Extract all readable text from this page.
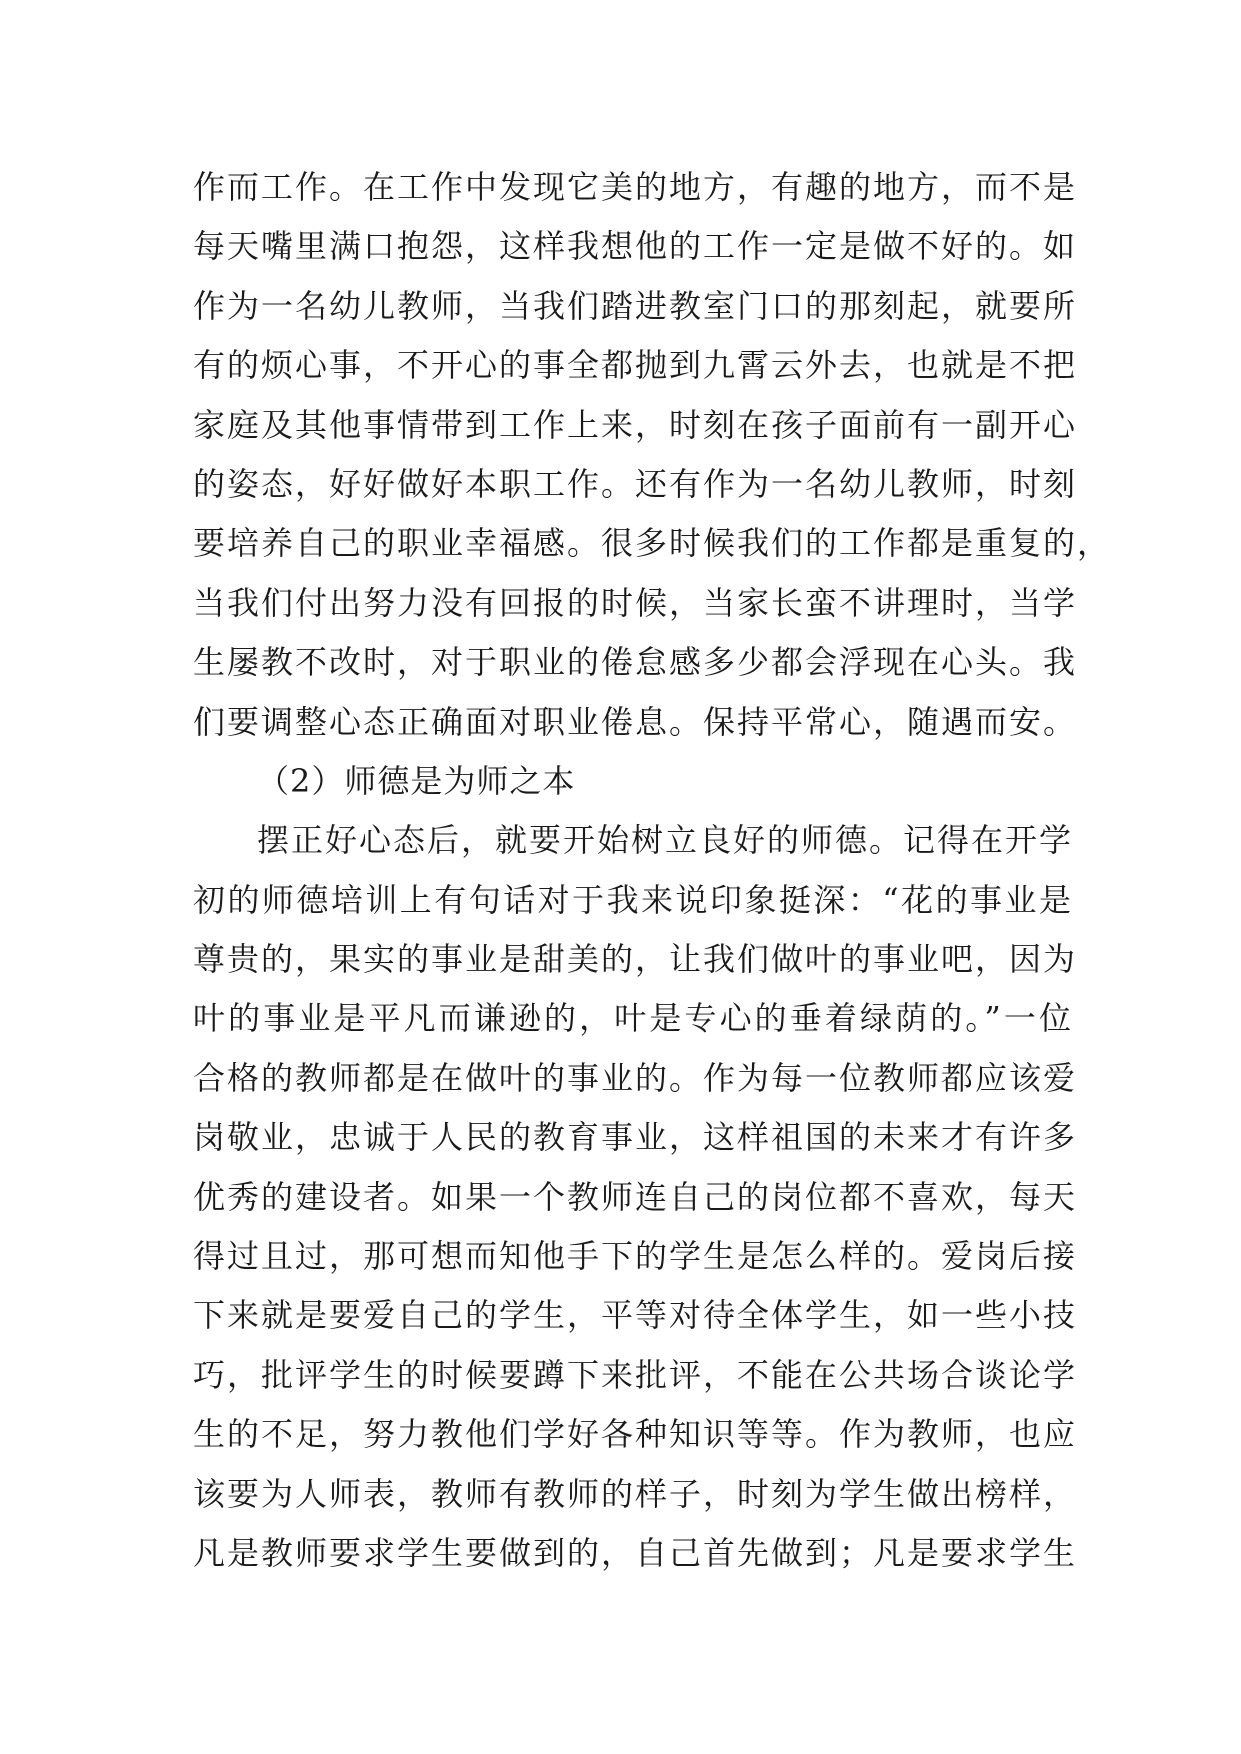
作而工作。在工作中发现它美的地方，有趣的地方，而不是
每天嘴里满口抱怨，这样我想他的工作一定是做不好的。如
作为一名幼儿教师，当我们踏进教室门口的那刻起，就要所
有的烦心事，不开心的事全都抛到九霄云外去，也就是不把
家庭及其他事情带到工作上来，时刻在孩子面前有一副开心
的姿态，好好做好本职工作。还有作为一名幼儿教师，时刻
要培养自己的职业幸福感。很多时候我们的工作都是重复的，
当我们付出努力没有回报的时候，当家长蛮不讲理时，当学
生屡教不改时，对于职业的倦怠感多少都会浮现在心头。我
们要调整心态正确面对职业倦息。保持平常心，随遇而安。
（2）师德是为师之本
摆正好心态后，就要开始树立良好的师德。记得在开学
初的师德培训上有句话对于我来说印象挺深：“花的事业是
尊贵的，果实的事业是甜美的，让我们做叶的事业吧，因为
叶的事业是平凡而谦逊的，叶是专心的垂着绿荫的。”一位
合格的教师都是在做叶的事业的。作为每一位教师都应该爱
岗敬业，忠诚于人民的教育事业，这样祖国的未来才有许多
优秀的建设者。如果一个教师连自己的岗位都不喜欢，每天
得过且过，那可想而知他手下的学生是怎么样的。爱岗后接
下来就是要爱自己的学生，平等对待全体学生，如一些小技
巧，批评学生的时候要蹲下来批评，不能在公共场合谈论学
生的不足，努力教他们学好各种知识等等。作为教师，也应
该要为人师表，教师有教师的样子，时刻为学生做出榜样，
凡是教师要求学生要做到的，自己首先做到；凡是要求学生
